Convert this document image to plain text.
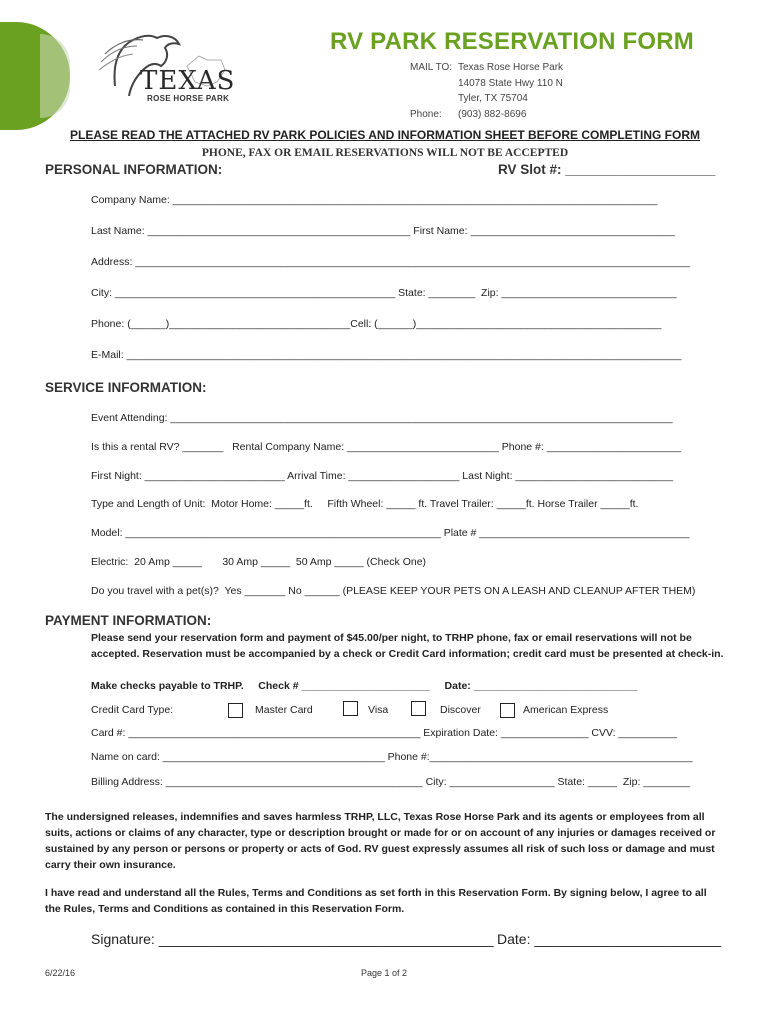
TEXAS
ROSE HORSE PARK
RV PARK RESERVATION FORM
MAIL TO: Texas Rose Horse Park
14078 State Hwy 110 N
Tyler, TX 75704
Phone:	(903) 882-8696
PLEASE READ THE ATTACHED RV PARK POLICIES AND INFORMATION SHEET BEFORE COMPLETING FORM
PHONE, FAX OR EMAIL RESERVATIONS WILL NOT BE ACCEPTED
PERSONAL INFORMATION:	RV Slot #: ____________________
Company Name: ___________________________________________________________________________________
Last Name: _____________________________________________ First Name: ___________________________________
Address: _______________________________________________________________________________________________
City: ________________________________________________ State: ________  Zip: ______________________________
Phone: (______)_______________________________Cell: (______)__________________________________________
E-Mail: _______________________________________________________________________________________________
SERVICE INFORMATION:
Event Attending: ______________________________________________________________________________________
Is this a rental RV? _______   Rental Company Name: __________________________ Phone #: _______________________
First Night: ________________________ Arrival Time: ___________________ Last Night: ___________________________
Type and Length of Unit:  Motor Home: _____ft.     Fifth Wheel: _____ ft. Travel Trailer: _____ft. Horse Trailer _____ft.
Model: ______________________________________________________ Plate # ____________________________________
Electric:  20 Amp _____       30 Amp _____  50 Amp _____ (Check One)
Do you travel with a pet(s)?  Yes _______ No ______ (PLEASE KEEP YOUR PETS ON A LEASH AND CLEANUP AFTER THEM)
PAYMENT INFORMATION:
Please send your reservation form and payment of $45.00/per night, to TRHP phone, fax or email reservations will not be accepted. Reservation must be accompanied by a check or Credit Card information; credit card must be presented at check-in.
Make checks payable to TRHP.     Check # ______________________     Date: ____________________________
Credit Card Type:	Master Card	Visa	Discover	American Express
Card #: __________________________________________________ Expiration Date: _______________ CVV: __________
Name on card: ______________________________________ Phone #:_____________________________________________
Billing Address: ____________________________________________ City: __________________ State: _____  Zip: ________
The undersigned releases, indemnifies and saves harmless TRHP, LLC, Texas Rose Horse Park and its agents or employees from all suits, actions or claims of any character, type or description brought or made for or on account of any injuries or damages received or sustained by any person or persons or property or acts of God. RV guest expressly assumes all risk of such loss or damage and must carry their own insurance.
I have read and understand all the Rules, Terms and Conditions as set forth in this Reservation Form. By signing below, I agree to all the Rules, Terms and Conditions as contained in this Reservation Form.
Signature: ___________________________________________ Date: ________________________
6/22/16	Page 1 of 2
